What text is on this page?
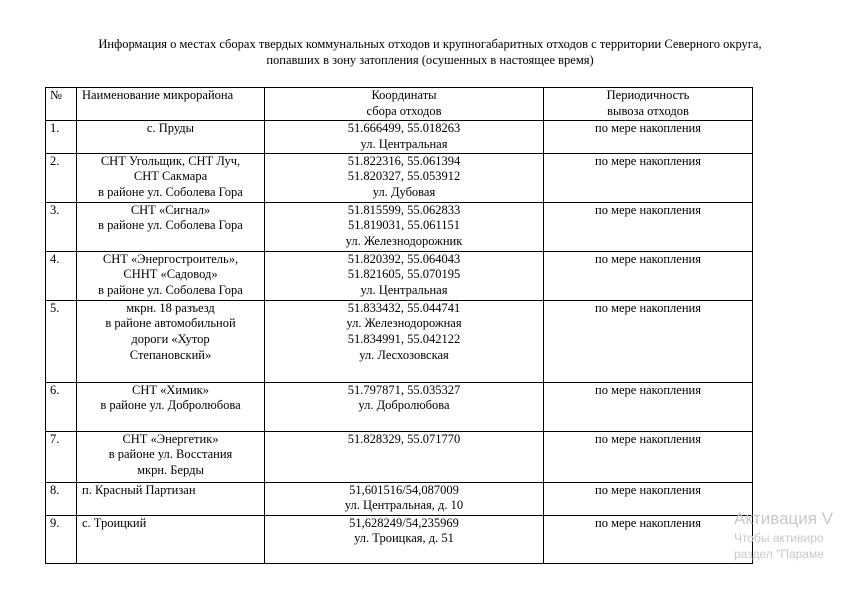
Информация о местах сборах твердых коммунальных отходов и крупногабаритных отходов с территории Северного округа,
попавших в зону затопления (осушенных в настоящее время)
№	Наименование микрорайона	Координаты
сбора отходов	Периодичность
вывоза отходов

1.	с. Пруды	51.666499, 55.018263
ул. Центральная	по мере накопления
2.	СНТ Угольщик, СНТ Луч,
СНТ Сакмара
в районе ул. Соболева Гора	51.822316, 55.061394
51.820327, 55.053912
ул. Дубовая	по мере накопления
3.	СНТ «Сигнал»
в районе ул. Соболева Гора	51.815599, 55.062833
51.819031, 55.061151
ул. Железнодорожник	по мере накопления
4.	СНТ «Энергостроитель»,
СННТ «Садовод»
в районе ул. Соболева Гора	51.820392, 55.064043
51.821605, 55.070195
ул. Центральная	по мере накопления
5.	мкрн. 18 разъезд
в районе автомобильной
дороги «Хутор
Степановский»	51.833432, 55.044741
ул. Железнодорожная
51.834991, 55.042122
ул. Лесхозовская	по мере накопления
6.	СНТ «Химик»
в районе ул. Добролюбова	51.797871, 55.035327
ул. Добролюбова	по мере накопления
7.	СНТ «Энергетик»
в районе ул. Восстания
мкрн. Берды	51.828329, 55.071770	по мере накопления
8.	п. Красный Партизан	51,601516/54,087009
ул. Центральная, д. 10	по мере накопления
9.	с. Троицкий	51,628249/54,235969
ул. Троицкая, д. 51	по мере накопления Активация V
Чтобы активиро
раздел "Парамe
